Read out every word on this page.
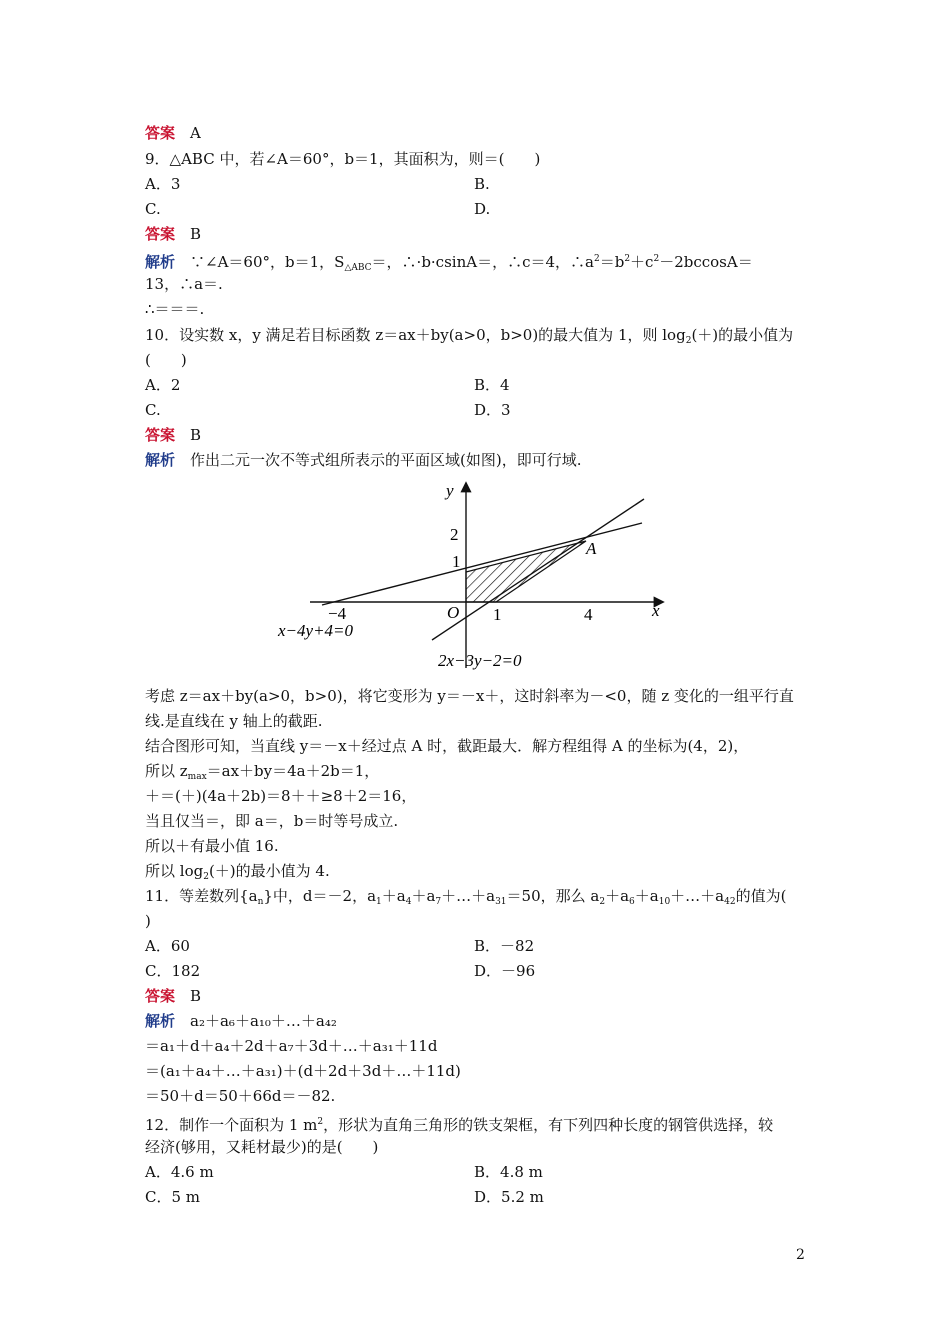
答案　 A
9．△ABC 中，若∠A＝60°，b＝1，其面积为，则＝(　　)
A．3	B.
C.	D.
答案　 B
解析　 ∵∠A＝60°，b＝1，$S_{\triangle ABC}=$，∴·b·csinA＝，∴c＝4，$\therefore a^2=b^2+c^2-2bccosA=$
13，∴a＝.
∴＝＝＝.
10．设实数 x，y 满足若目标函数 z＝ax＋by(a>0，b>0)的最大值为 1，则 $\log_2(+)$的最小值为
(　　)
A．2	B．4
C.	D．3
答案　 B
解析　 作出二元一次不等式组所表示的平面区域(如图)，即可行域.
y
x
2
1
O
−4	1	4
A
x−4y+4=0
2x−3y−2=0
考虑 z＝ax＋by(a>0，b>0)，将它变形为 y＝－x＋，这时斜率为－<0，随 z 变化的一组平行直
线.是直线在 y 轴上的截距.
结合图形可知，当直线 y＝－x＋经过点 A 时，截距最大．解方程组得 A 的坐标为(4，2)，
所以 $z_{max}=ax+by=4a+2b=1$，
＋＝(＋)(4a＋2b)＝8＋＋≥8＋2＝16，
当且仅当＝，即 a＝，b＝时等号成立.
所以＋有最小值 16.
所以 $\log_2(+)$的最小值为 4.
11．等差数列$\{a_n\}$中，d＝－2，$a_1+a_4+a_7+\dots+a_{31}=50$，那么 $a_2+a_6+a_{10}+\dots+a_{42}$的值为(
)
A．60	B．－82
C．182	D．－96
答案　 B
解析　 a₂＋a₆＋a₁₀＋…＋a₄₂
＝a₁＋d＋a₄＋2d＋a₇＋3d＋…＋a₃₁＋11d
＝(a₁＋a₄＋…＋a₃₁)＋(d＋2d＋3d＋…＋11d)
＝50＋d＝50＋66d＝－82.
12．制作一个面积为 1 $m^2$，形状为直角三角形的铁支架框，有下列四种长度的钢管供选择，较
经济(够用，又耗材最少)的是(　　)
A．4.6 m	B．4.8 m
C．5 m	D．5.2 m
2
